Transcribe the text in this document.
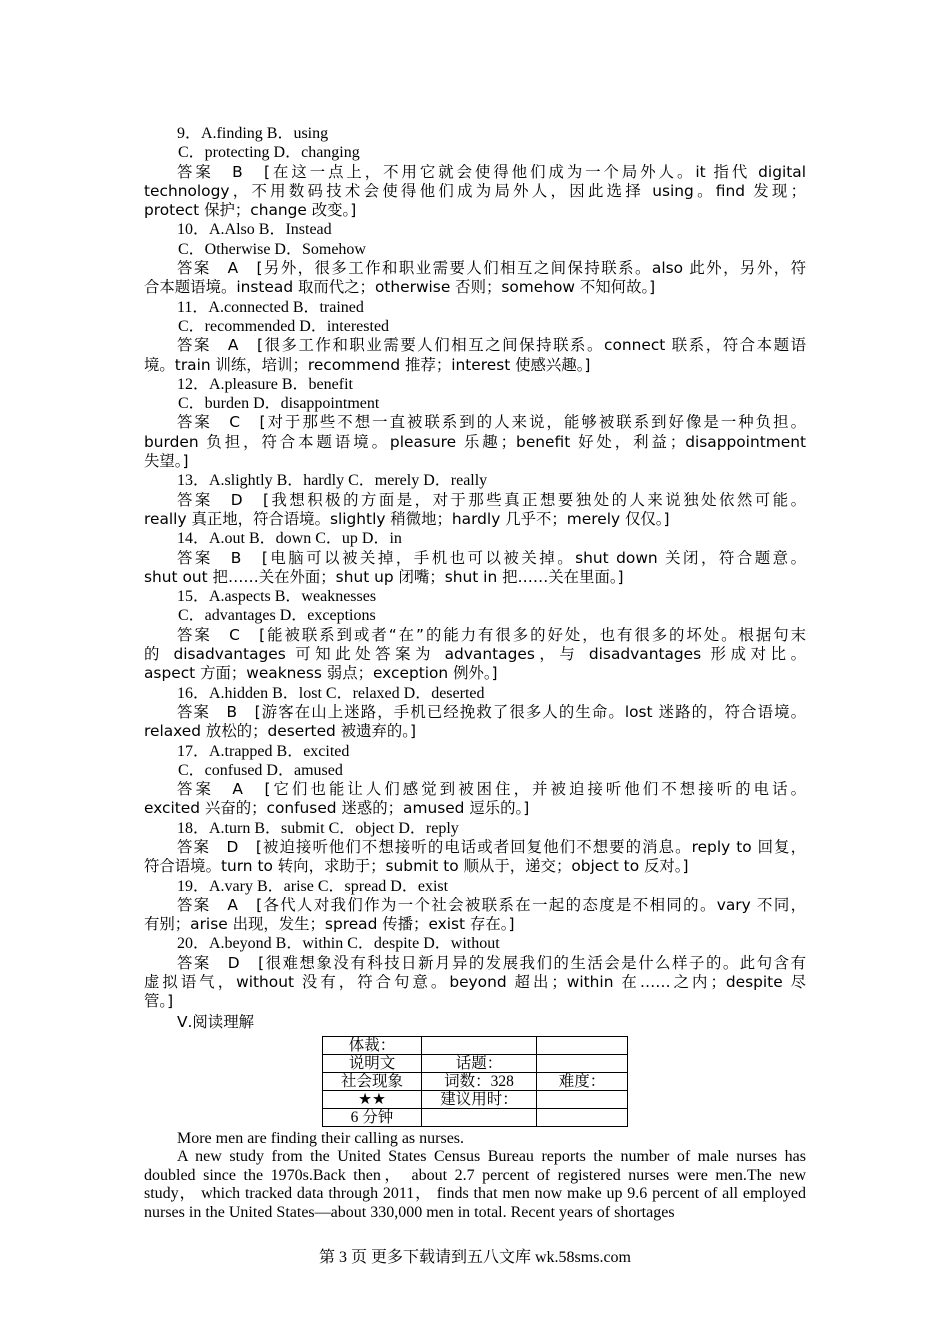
9．A.finding B．using
C．protecting D．changing
答案　B　[在这一点上，不用它就会使得他们成为一个局外人。it 指代 digital
technology，不用数码技术会使得他们成为局外人，因此选择 using。find 发现；
protect 保护；change 改变。]
10．A.Also B．Instead
C．Otherwise D．Somehow
答案　A　[另外，很多工作和职业需要人们相互之间保持联系。also 此外，另外，符
合本题语境。instead 取而代之；otherwise 否则；somehow 不知何故。]
11．A.connected B．trained
C．recommended D．interested
答案　A　[很多工作和职业需要人们相互之间保持联系。connect 联系，符合本题语
境。train 训练，培训；recommend 推荐；interest 使感兴趣。]
12．A.pleasure B．benefit
C．burden D．disappointment
答案　C　[对于那些不想一直被联系到的人来说，能够被联系到好像是一种负担。
burden 负担，符合本题语境。pleasure 乐趣；benefit 好处，利益；disappointment
失望。]
13．A.slightly B．hardly C．merely D．really
答案　D　[我想积极的方面是，对于那些真正想要独处的人来说独处依然可能。
really 真正地，符合语境。slightly 稍微地；hardly 几乎不；merely 仅仅。]
14．A.out B．down C．up D．in
答案　B　[电脑可以被关掉，手机也可以被关掉。shut down 关闭，符合题意。
shut out 把……关在外面；shut up 闭嘴；shut in 把……关在里面。]
15．A.aspects B．weaknesses
C．advantages D．exceptions
答案　C　[能被联系到或者“在”的能力有很多的好处，也有很多的坏处。根据句末
的 disadvantages 可知此处答案为 advantages，与 disadvantages 形成对比。
aspect 方面；weakness 弱点；exception 例外。]
16．A.hidden B．lost C．relaxed D．deserted
答案　B　[游客在山上迷路，手机已经挽救了很多人的生命。lost 迷路的，符合语境。
relaxed 放松的；deserted 被遗弃的。]
17．A.trapped B．excited
C．confused D．amused
答案　A　[它们也能让人们感觉到被困住，并被迫接听他们不想接听的电话。
excited 兴奋的；confused 迷惑的；amused 逗乐的。]
18．A.turn B．submit C．object D．reply
答案　D　[被迫接听他们不想接听的电话或者回复他们不想要的消息。reply to 回复，
符合语境。turn to 转向，求助于；submit to 顺从于，递交；object to 反对。]
19．A.vary B．arise C．spread D．exist
答案　A　[各代人对我们作为一个社会被联系在一起的态度是不相同的。vary 不同，
有别；arise 出现，发生；spread 传播；exist 存在。]
20．A.beyond B．within C．despite D．without
答案　D　[很难想象没有科技日新月异的发展我们的生活会是什么样子的。此句含有
虚拟语气，without 没有，符合句意。beyond 超出；within 在……之内；despite 尽
管。]
Ⅴ.阅读理解
体裁：		
说明文	话题：	
社会现象	词数：328	难度：
★★	建议用时：	
6 分钟		
More men are finding their calling as nurses.
A new study from the United States Census Bureau reports the number of male nurses has doubled since the 1970s.Back then， about 2.7 percent of registered nurses were men.The new study， which tracked data through 2011， finds that men now make up 9.6 percent of all employed nurses in the United States—about 330,000 men in total. Recent years of shortages
第 3 页 更多下载请到五八文库 wk.58sms.com
